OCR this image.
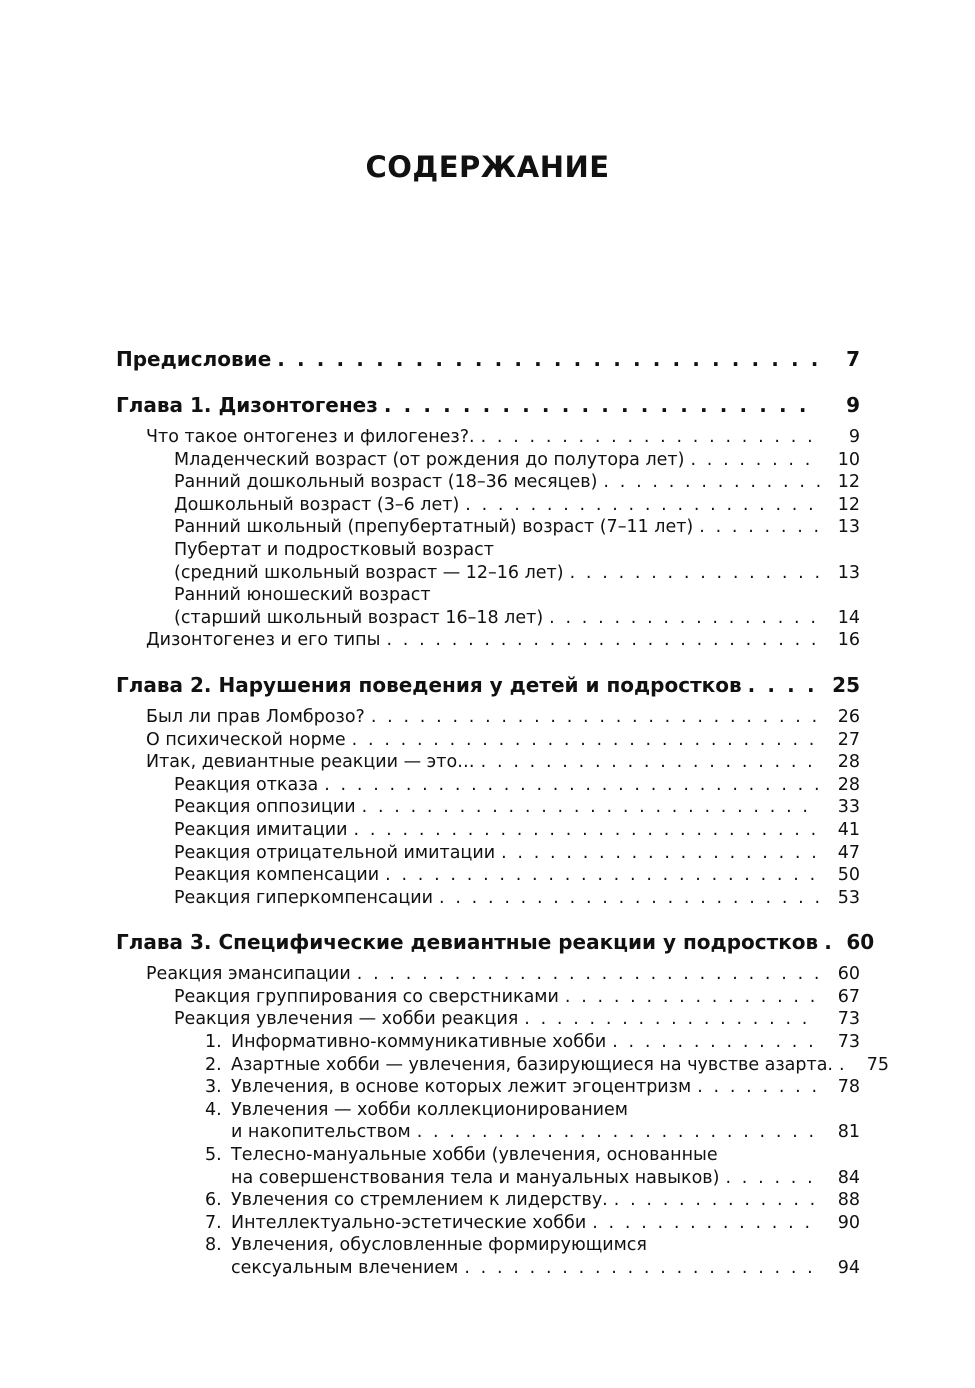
СОДЕРЖАНИЕ
Предисловие . . .	7
Глава 1. Дизонтогенез . . .	9
Что такое онтогенез и филогенез?. . . .	9
Младенческий возраст (от рождения до полутора лет) . . .	10
Ранний дошкольный возраст (18–36 месяцев) . . .	12
Дошкольный возраст (3–6 лет) . . .	12
Ранний школьный (препубертатный) возраст (7–11 лет) . . .	13
Пубертат и подростковый возраст
(средний школьный возраст — 12–16 лет) . . .	13
Ранний юношеский возраст
(старший школьный возраст 16–18 лет) . . .	14
Дизонтогенез и его типы . . .	16
Глава 2. Нарушения поведения у детей и подростков . . .	25
Был ли прав Ломброзо? . . .	26
О психической норме . . .	27
Итак, девиантные реакции — это… . . .	28
Реакция отказа . . .	28
Реакция оппозиции . . .	33
Реакция имитации . . .	41
Реакция отрицательной имитации . . .	47
Реакция компенсации . . .	50
Реакция гиперкомпенсации . . .	53
Глава 3. Специфические девиантные реакции у подростков . . .	60
Реакция эмансипации . . .	60
Реакция группирования со сверстниками . . .	67
Реакция увлечения — хобби реакция . . .	73
1. Информативно-коммуникативные хобби . . .	73
2. Азартные хобби — увлечения, базирующиеся на чувстве азарта. . . .	75
3. Увлечения, в основе которых лежит эгоцентризм . . .	78
4. Увлечения — хобби коллекционированием
и накопительством . . .	81
5. Телесно-мануальные хобби (увлечения, основанные
на совершенствования тела и мануальных навыков) . . .	84
6. Увлечения со стремлением к лидерству. . . .	88
7. Интеллектуально-эстетические хобби . . .	90
8. Увлечения, обусловленные формирующимся
сексуальным влечением . . .	94
